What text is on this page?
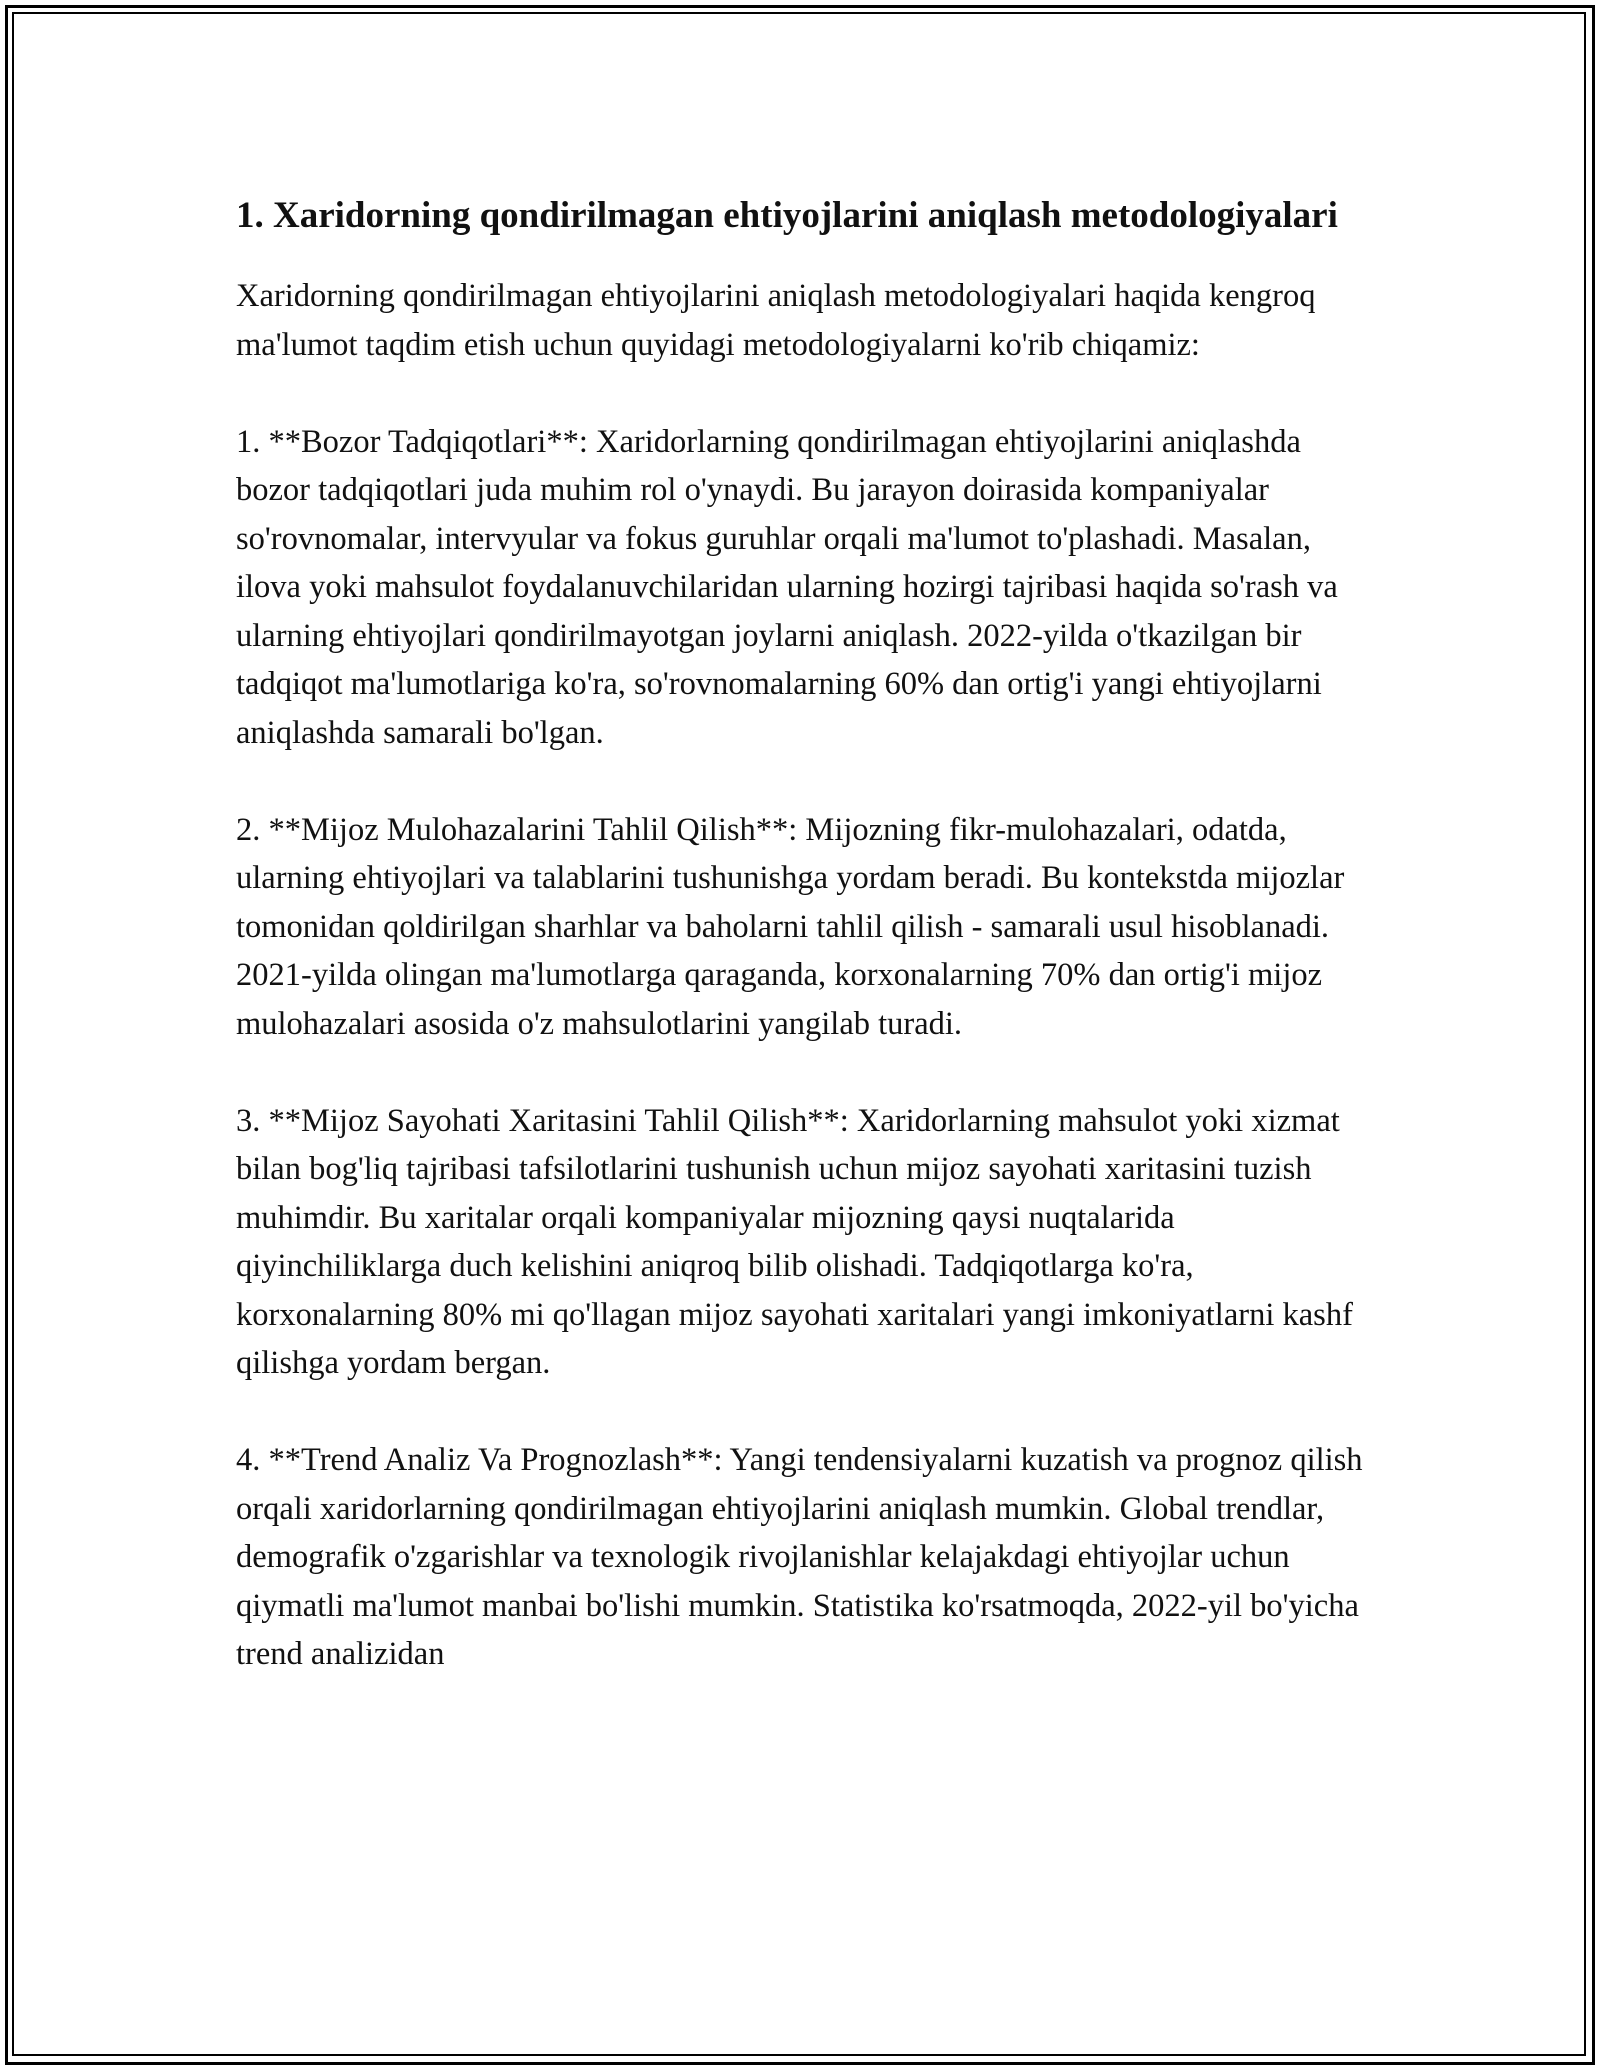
1. Xaridorning qondirilmagan ehtiyojlarini aniqlash metodologiyalari

Xaridorning qondirilmagan ehtiyojlarini aniqlash metodologiyalari haqida kengroq ma'lumot taqdim etish uchun quyidagi metodologiyalarni ko'rib chiqamiz:

1. **Bozor Tadqiqotlari**: Xaridorlarning qondirilmagan ehtiyojlarini aniqlashda bozor tadqiqotlari juda muhim rol o'ynaydi. Bu jarayon doirasida kompaniyalar so'rovnomalar, intervyular va fokus guruhlar orqali ma'lumot to'plashadi. Masalan, ilova yoki mahsulot foydalanuvchilaridan ularning hozirgi tajribasi haqida so'rash va ularning ehtiyojlari qondirilmayotgan joylarni aniqlash. 2022-yilda o'tkazilgan bir tadqiqot ma'lumotlariga ko'ra, so'rovnomalarning 60% dan ortig'i yangi ehtiyojlarni aniqlashda samarali bo'lgan.

2. **Mijoz Mulohazalarini Tahlil Qilish**: Mijozning fikr-mulohazalari, odatda, ularning ehtiyojlari va talablarini tushunishga yordam beradi. Bu kontekstda mijozlar tomonidan qoldirilgan sharhlar va baholarni tahlil qilish - samarali usul hisoblanadi. 2021-yilda olingan ma'lumotlarga qaraganda, korxonalarning 70% dan ortig'i mijoz mulohazalari asosida o'z mahsulotlarini yangilab turadi.

3. **Mijoz Sayohati Xaritasini Tahlil Qilish**: Xaridorlarning mahsulot yoki xizmat bilan bog'liq tajribasi tafsilotlarini tushunish uchun mijoz sayohati xaritasini tuzish muhimdir. Bu xaritalar orqali kompaniyalar mijozning qaysi nuqtalarida qiyinchiliklarga duch kelishini aniqroq bilib olishadi. Tadqiqotlarga ko'ra, korxonalarning 80% mi qo'llagan mijoz sayohati xaritalari yangi imkoniyatlarni kashf qilishga yordam bergan.

4. **Trend Analiz Va Prognozlash**: Yangi tendensiyalarni kuzatish va prognoz qilish orqali xaridorlarning qondirilmagan ehtiyojlarini aniqlash mumkin. Global trendlar, demografik o'zgarishlar va texnologik rivojlanishlar kelajakdagi ehtiyojlar uchun qiymatli ma'lumot manbai bo'lishi mumkin. Statistika ko'rsatmoqda, 2022-yil bo'yicha trend analizidan
